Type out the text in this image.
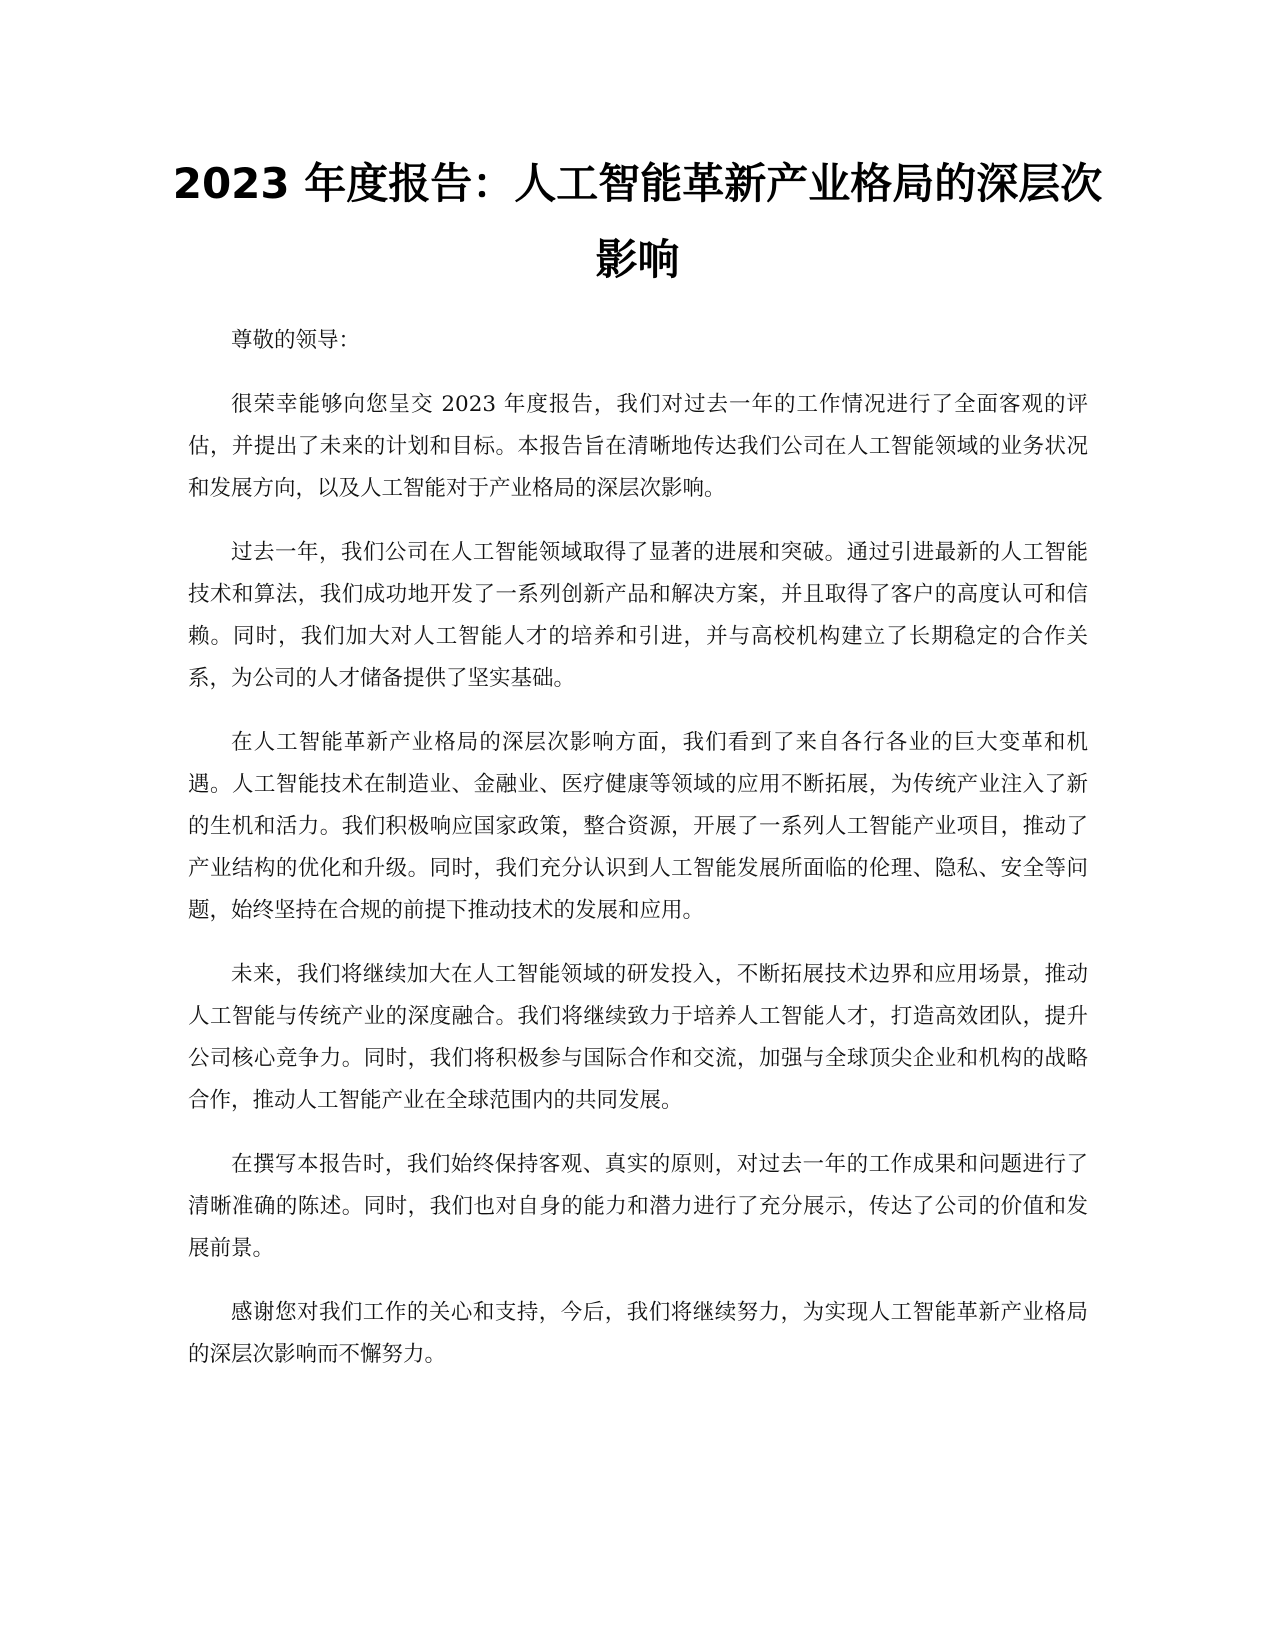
2023 年度报告：人工智能革新产业格局的深层次影响

尊敬的领导：

很荣幸能够向您呈交 2023 年度报告，我们对过去一年的工作情况进行了全面客观的评估，并提出了未来的计划和目标。本报告旨在清晰地传达我们公司在人工智能领域的业务状况和发展方向，以及人工智能对于产业格局的深层次影响。

过去一年，我们公司在人工智能领域取得了显著的进展和突破。通过引进最新的人工智能技术和算法，我们成功地开发了一系列创新产品和解决方案，并且取得了客户的高度认可和信赖。同时，我们加大对人工智能人才的培养和引进，并与高校机构建立了长期稳定的合作关系，为公司的人才储备提供了坚实基础。

在人工智能革新产业格局的深层次影响方面，我们看到了来自各行各业的巨大变革和机遇。人工智能技术在制造业、金融业、医疗健康等领域的应用不断拓展，为传统产业注入了新的生机和活力。我们积极响应国家政策，整合资源，开展了一系列人工智能产业项目，推动了产业结构的优化和升级。同时，我们充分认识到人工智能发展所面临的伦理、隐私、安全等问题，始终坚持在合规的前提下推动技术的发展和应用。

未来，我们将继续加大在人工智能领域的研发投入，不断拓展技术边界和应用场景，推动人工智能与传统产业的深度融合。我们将继续致力于培养人工智能人才，打造高效团队，提升公司核心竞争力。同时，我们将积极参与国际合作和交流，加强与全球顶尖企业和机构的战略合作，推动人工智能产业在全球范围内的共同发展。

在撰写本报告时，我们始终保持客观、真实的原则，对过去一年的工作成果和问题进行了清晰准确的陈述。同时，我们也对自身的能力和潜力进行了充分展示，传达了公司的价值和发展前景。

感谢您对我们工作的关心和支持，今后，我们将继续努力，为实现人工智能革新产业格局的深层次影响而不懈努力。
